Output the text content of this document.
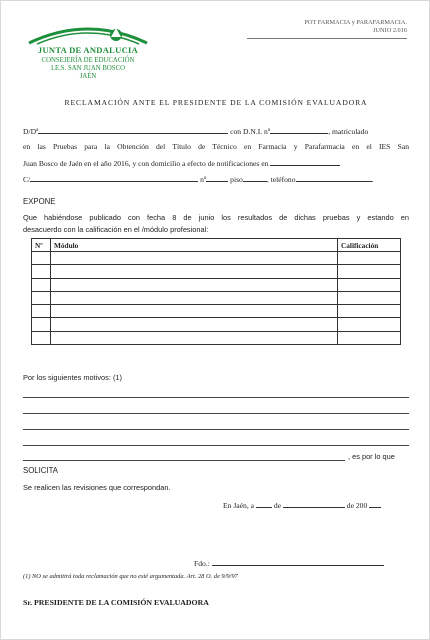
JUNTA DE ANDALUCIA
CONSEJERÍA DE EDUCACIÓN
I.E.S. SAN JUAN BOSCO
JAÉN
POT FARMACIA y PARAFARMACIA.
JUNIO 2.016
RECLAMACIÓN ANTE EL PRESIDENTE DE LA COMISIÓN EVALUADORA
D/Dª	con D.N.I. nº	, matriculado
en las Pruebas para la Obtención del Título de Técnico en Farmacia y Parafarmacia en el IES San
Juan Bosco de Jaén en el año 2016, y con domicilio a efecto de notificaciones en
C/	nº	piso	, teléfono	.
EXPONE
Que habiéndose publicado con fecha 8 de junio los resultados de dichas pruebas y estando en
desacuerdo con la calificación en el /módulo profesional:
Nº	Módulo	Calificación

Por los siguientes motivos: (1)
, es por lo que
SOLICITA
Se realicen las revisiones que correspondan.
En Jaén, a	de	de 200
Fdo.:
(1) NO se admitirá toda reclamación que no esté argumentada. Art. 28 O. de 9/9/97
Sr. PRESIDENTE DE LA COMISIÓN EVALUADORA
